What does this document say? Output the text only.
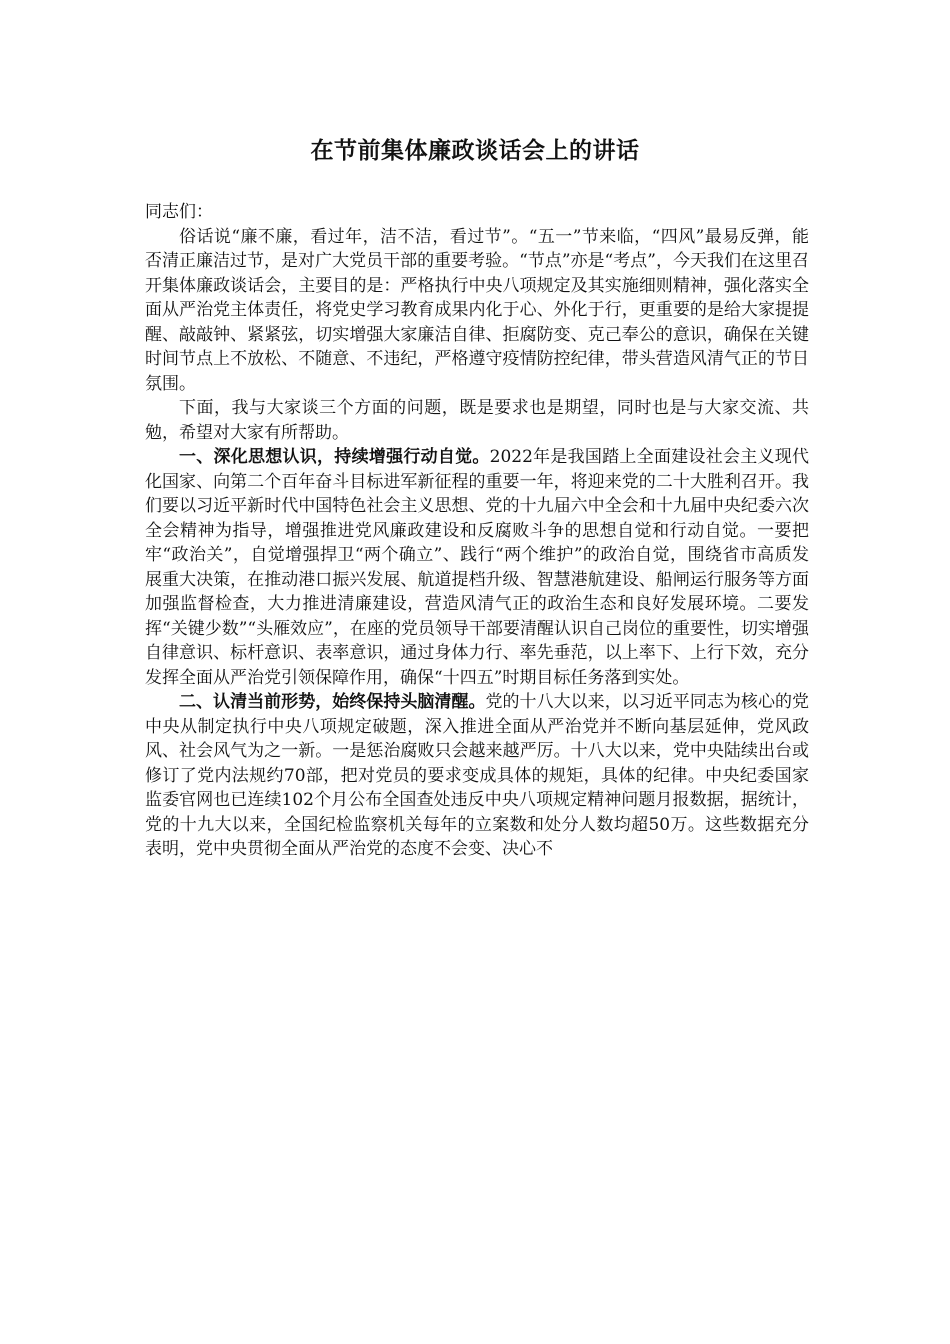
在节前集体廉政谈话会上的讲话

同志们：

俗话说“廉不廉，看过年，洁不洁，看过节”。“五一”节来临，“四风”最易反弹，能否清正廉洁过节，是对广大党员干部的重要考验。“节点”亦是“考点”，今天我们在这里召开集体廉政谈话会，主要目的是：严格执行中央八项规定及其实施细则精神，强化落实全面从严治党主体责任，将党史学习教育成果内化于心、外化于行，更重要的是给大家提提醒、敲敲钟、紧紧弦，切实增强大家廉洁自律、拒腐防变、克己奉公的意识，确保在关键时间节点上不放松、不随意、不违纪，严格遵守疫情防控纪律，带头营造风清气正的节日氛围。

下面，我与大家谈三个方面的问题，既是要求也是期望，同时也是与大家交流、共勉，希望对大家有所帮助。

一、深化思想认识，持续增强行动自觉。2022年是我国踏上全面建设社会主义现代化国家、向第二个百年奋斗目标进军新征程的重要一年，将迎来党的二十大胜利召开。我们要以习近平新时代中国特色社会主义思想、党的十九届六中全会和十九届中央纪委六次全会精神为指导，增强推进党风廉政建设和反腐败斗争的思想自觉和行动自觉。一要把牢“政治关”，自觉增强捍卫“两个确立”、践行“两个维护”的政治自觉，围绕省市高质发展重大决策，在推动港口振兴发展、航道提档升级、智慧港航建设、船闸运行服务等方面加强监督检查，大力推进清廉建设，营造风清气正的政治生态和良好发展环境。二要发挥“关键少数”“头雁效应”，在座的党员领导干部要清醒认识自己岗位的重要性，切实增强自律意识、标杆意识、表率意识，通过身体力行、率先垂范，以上率下、上行下效，充分发挥全面从严治党引领保障作用，确保“十四五”时期目标任务落到实处。

二、认清当前形势，始终保持头脑清醒。党的十八大以来，以习近平同志为核心的党中央从制定执行中央八项规定破题，深入推进全面从严治党并不断向基层延伸，党风政风、社会风气为之一新。一是惩治腐败只会越来越严厉。十八大以来，党中央陆续出台或修订了党内法规约70部，把对党员的要求变成具体的规矩，具体的纪律。中央纪委国家监委官网也已连续102个月公布全国查处违反中央八项规定精神问题月报数据，据统计，党的十九大以来，全国纪检监察机关每年的立案数和处分人数均超50万。这些数据充分表明，党中央贯彻全面从严治党的态度不会变、决心不
